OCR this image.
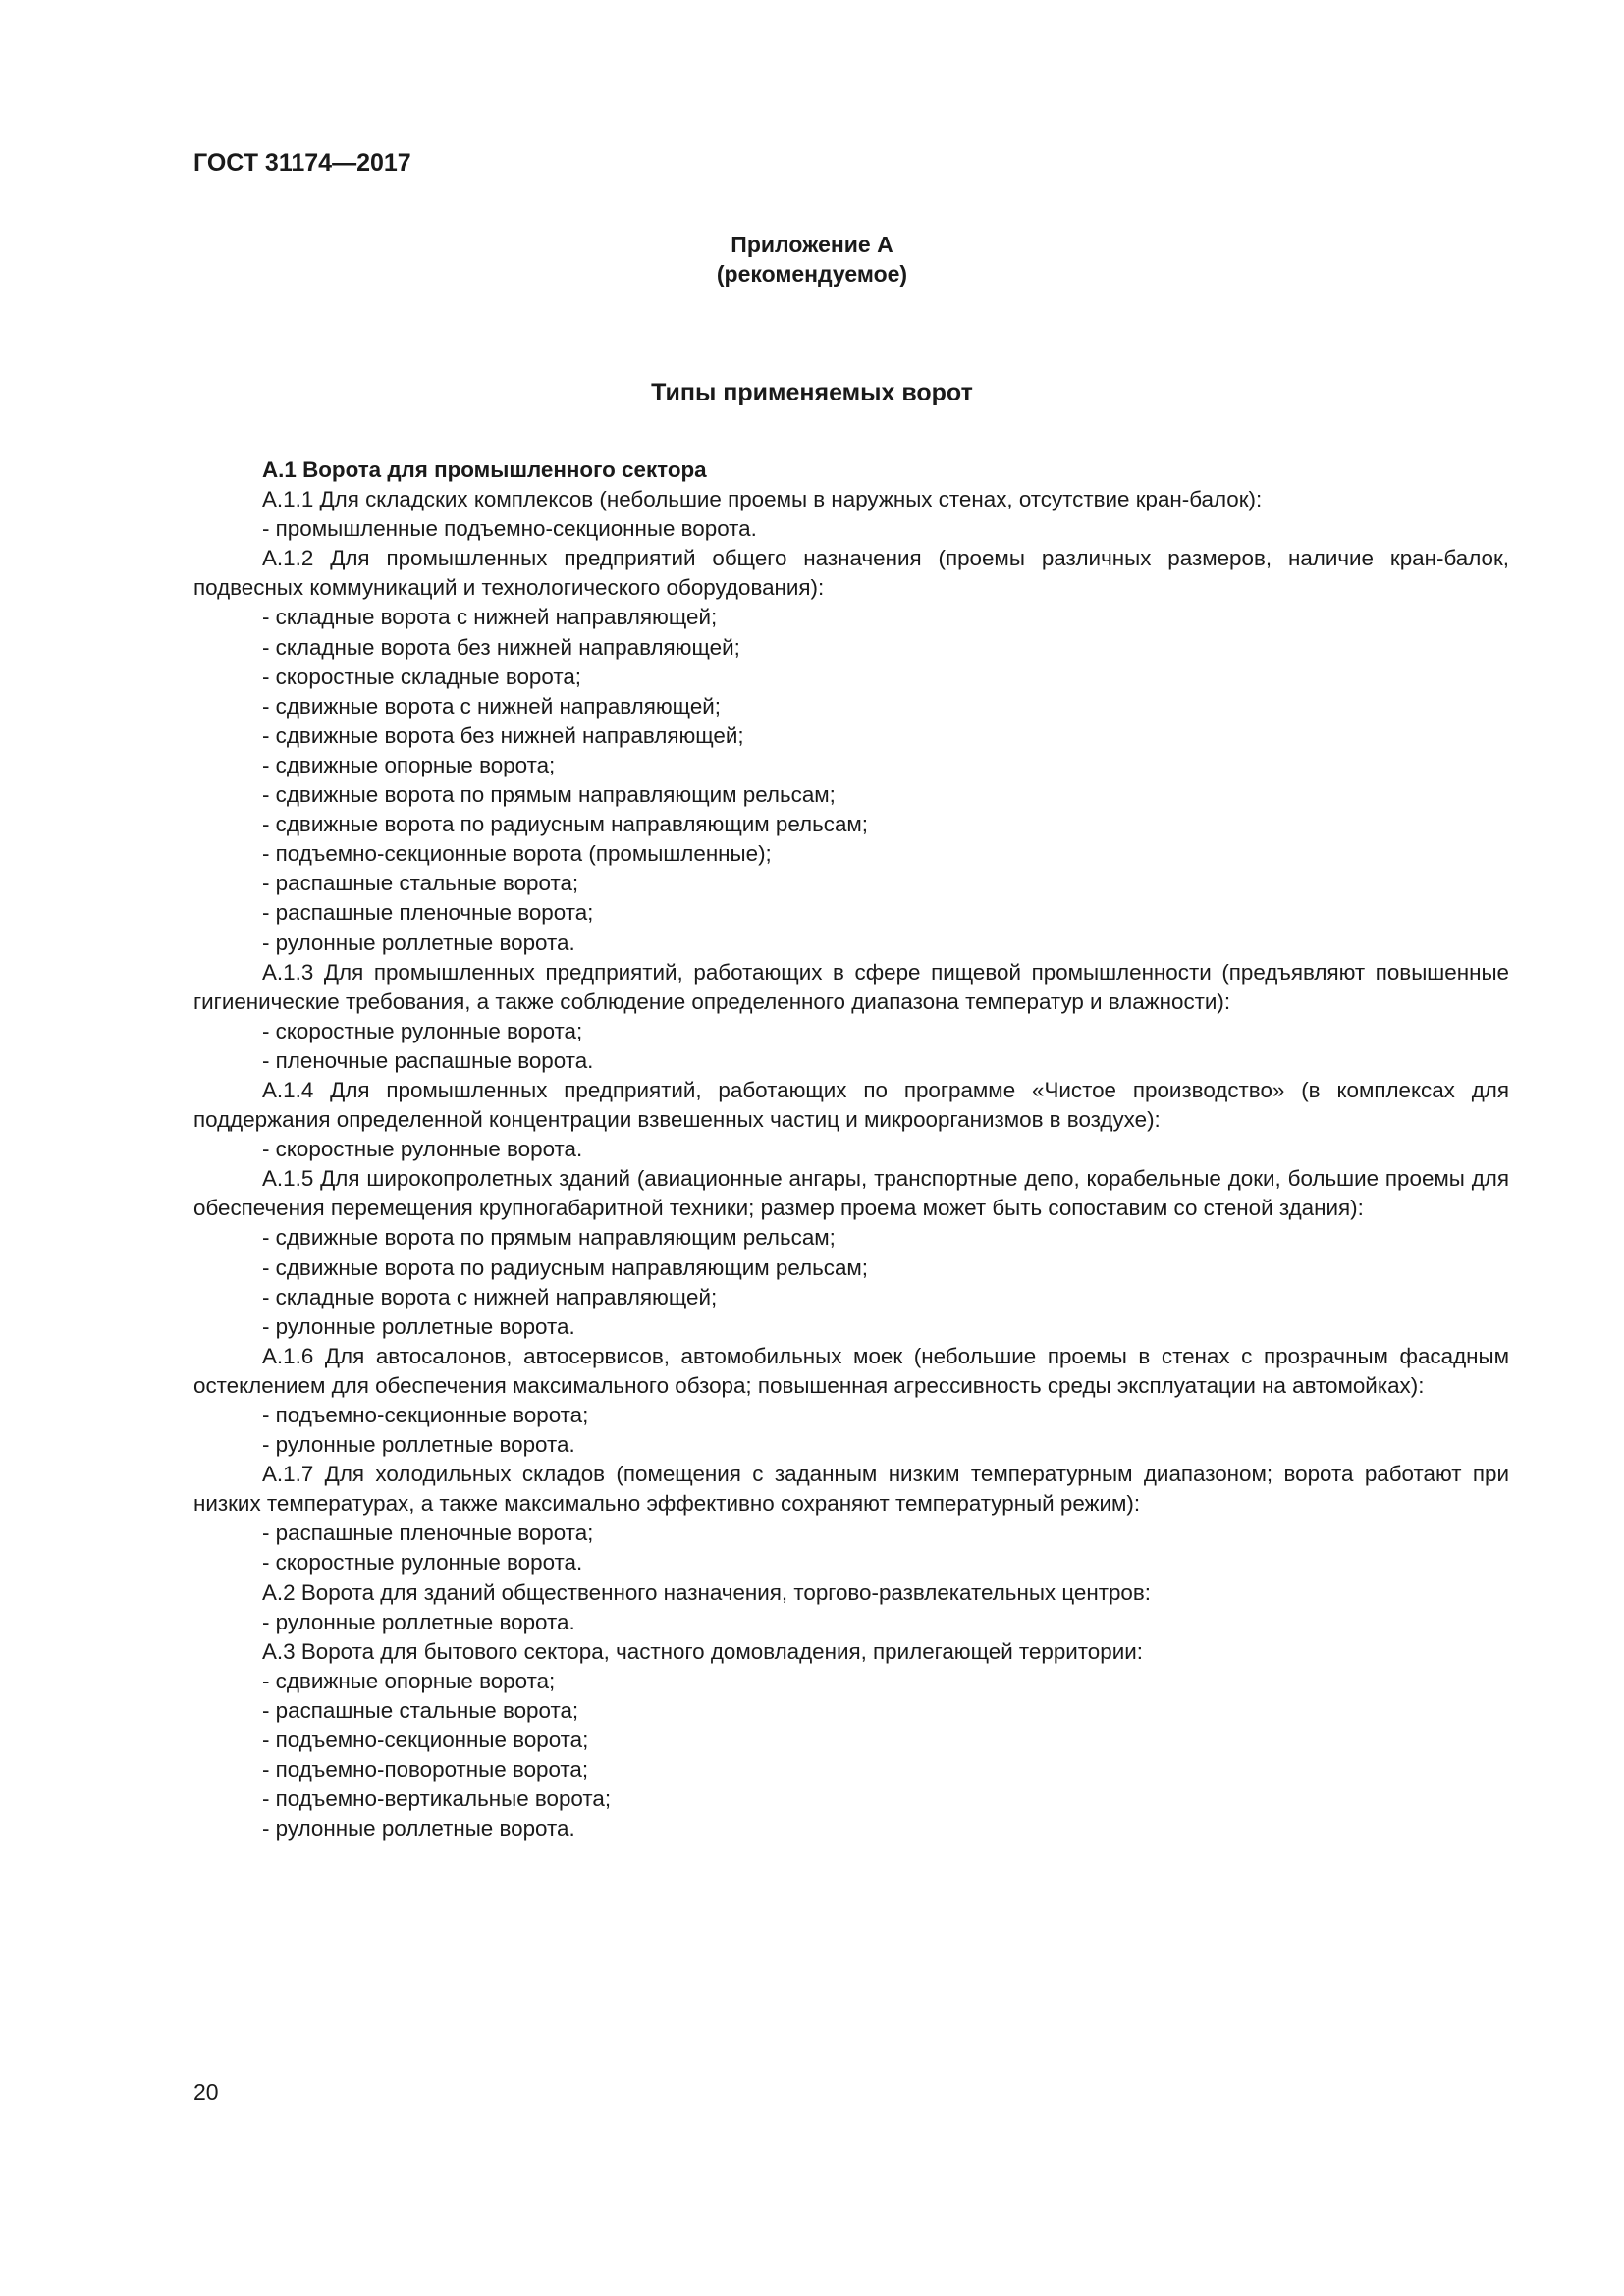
ГОСТ 31174—2017
Приложение А
(рекомендуемое)
Типы применяемых ворот

А.1 Ворота для промышленного сектора

А.1.1 Для складских комплексов (небольшие проемы в наружных стенах, отсутствие кран-балок):

- промышленные подъемно-секционные ворота.

А.1.2 Для промышленных предприятий общего назначения (проемы различных размеров, наличие кран-балок, подвесных коммуникаций и технологического оборудования):

- складные ворота с нижней направляющей;

- складные ворота без нижней направляющей;

- скоростные складные ворота;

- сдвижные ворота с нижней направляющей;

- сдвижные ворота без нижней направляющей;

- сдвижные опорные ворота;

- сдвижные ворота по прямым направляющим рельсам;

- сдвижные ворота по радиусным направляющим рельсам;

- подъемно-секционные ворота (промышленные);

- распашные стальные ворота;

- распашные пленочные ворота;

- рулонные роллетные ворота.

А.1.3 Для промышленных предприятий, работающих в сфере пищевой промышленности (предъявляют повышенные гигиенические требования, а также соблюдение определенного диапазона температур и влажности):

- скоростные рулонные ворота;

- пленочные распашные ворота.

А.1.4 Для промышленных предприятий, работающих по программе «Чистое производство» (в комплексах для поддержания определенной концентрации взвешенных частиц и микроорганизмов в воздухе):

- скоростные рулонные ворота.

А.1.5 Для широкопролетных зданий (авиационные ангары, транспортные депо, корабельные доки, большие проемы для обеспечения перемещения крупногабаритной техники; размер проема может быть сопоставим со стеной здания):

- сдвижные ворота по прямым направляющим рельсам;

- сдвижные ворота по радиусным направляющим рельсам;

- складные ворота с нижней направляющей;

- рулонные роллетные ворота.

А.1.6 Для автосалонов, автосервисов, автомобильных моек (небольшие проемы в стенах с прозрачным фасадным остеклением для обеспечения максимального обзора; повышенная агрессивность среды эксплуатации на автомойках):

- подъемно-секционные ворота;

- рулонные роллетные ворота.

А.1.7 Для холодильных складов (помещения с заданным низким температурным диапазоном; ворота работают при низких температурах, а также максимально эффективно сохраняют температурный режим):

- распашные пленочные ворота;

- скоростные рулонные ворота.

А.2 Ворота для зданий общественного назначения, торгово-развлекательных центров:

- рулонные роллетные ворота.

А.3 Ворота для бытового сектора, частного домовладения, прилегающей территории:

- сдвижные опорные ворота;

- распашные стальные ворота;

- подъемно-секционные ворота;

- подъемно-поворотные ворота;

- подъемно-вертикальные ворота;

- рулонные роллетные ворота.

20
